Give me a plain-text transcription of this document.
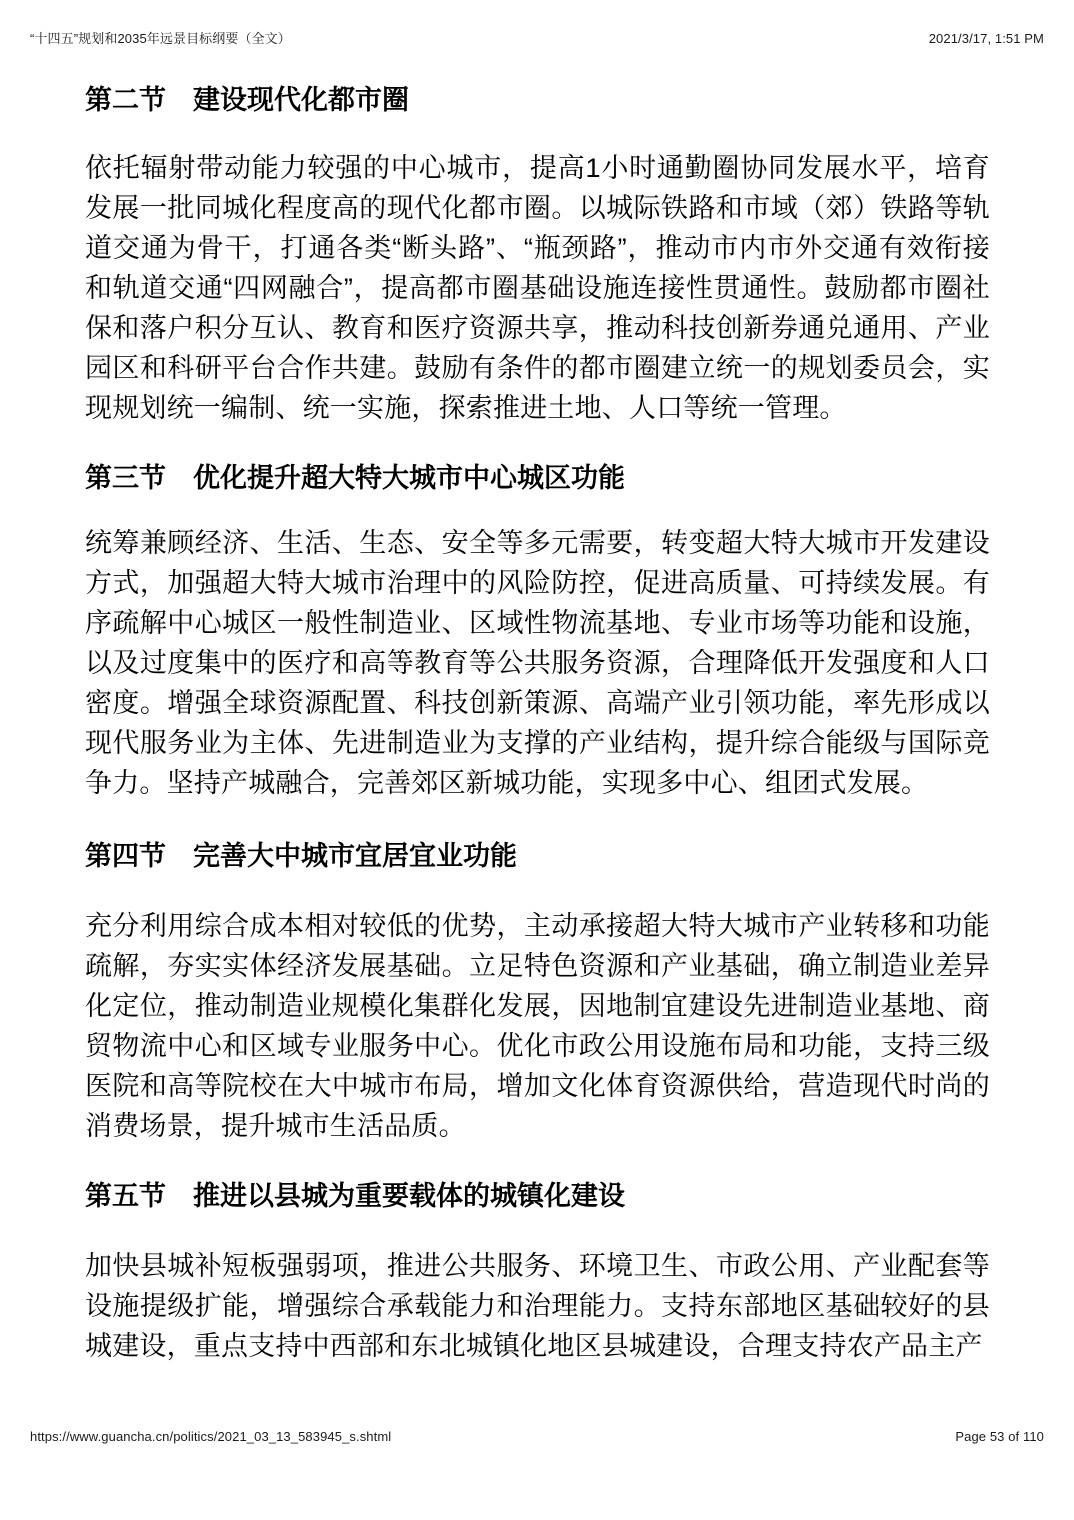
“十四五”规划和2035年远景目标纲要（全文）	2021/3/17, 1:51 PM
第二节 建设现代化都市圈
依托辐射带动能力较强的中心城市，提高1小时通勤圈协同发展水平，培育发展一批同城化程度高的现代化都市圈。以城际铁路和市域（郊）铁路等轨道交通为骨干，打通各类“断头路”、“瓶颈路”，推动市内市外交通有效衔接和轨道交通“四网融合”，提高都市圈基础设施连接性贯通性。鼓励都市圈社保和落户积分互认、教育和医疗资源共享，推动科技创新券通兑通用、产业园区和科研平台合作共建。鼓励有条件的都市圈建立统一的规划委员会，实现规划统一编制、统一实施，探索推进土地、人口等统一管理。
第三节 优化提升超大特大城市中心城区功能
统筹兼顾经济、生活、生态、安全等多元需要，转变超大特大城市开发建设方式，加强超大特大城市治理中的风险防控，促进高质量、可持续发展。有序疏解中心城区一般性制造业、区域性物流基地、专业市场等功能和设施，以及过度集中的医疗和高等教育等公共服务资源，合理降低开发强度和人口密度。增强全球资源配置、科技创新策源、高端产业引领功能，率先形成以现代服务业为主体、先进制造业为支撑的产业结构，提升综合能级与国际竞争力。坚持产城融合，完善郊区新城功能，实现多中心、组团式发展。
第四节 完善大中城市宜居宜业功能
充分利用综合成本相对较低的优势，主动承接超大特大城市产业转移和功能疏解，夯实实体经济发展基础。立足特色资源和产业基础，确立制造业差异化定位，推动制造业规模化集群化发展，因地制宜建设先进制造业基地、商贸物流中心和区域专业服务中心。优化市政公用设施布局和功能，支持三级医院和高等院校在大中城市布局，增加文化体育资源供给，营造现代时尚的消费场景，提升城市生活品质。
第五节 推进以县城为重要载体的城镇化建设
加快县城补短板强弱项，推进公共服务、环境卫生、市政公用、产业配套等设施提级扩能，增强综合承载能力和治理能力。支持东部地区基础较好的县城建设，重点支持中西部和东北城镇化地区县城建设，合理支持农产品主产
https://www.guancha.cn/politics/2021_03_13_583945_s.shtml	Page 53 of 110
